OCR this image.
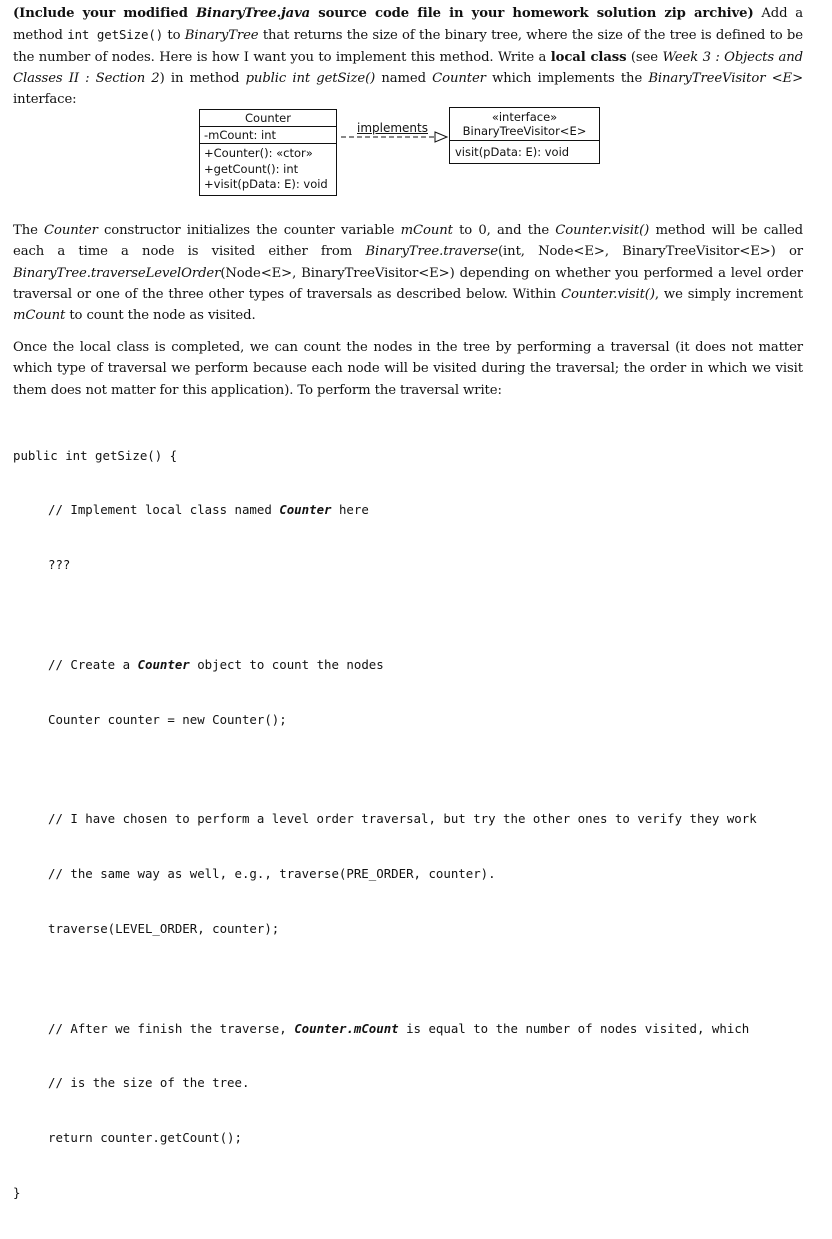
(Include your modified BinaryTree.java source code file in your homework solution zip archive) Add a method int getSize() to BinaryTree that returns the size of the binary tree, where the size of the tree is defined to be the number of nodes. Here is how I want you to implement this method. Write a local class (see Week 3 : Objects and Classes II : Section 2) in method public int getSize() named Counter which implements the BinaryTreeVisitor <E> interface:
Counter
-mCount: int
+Counter(): «ctor»
+getCount(): int
+visit(pData: E): void
implements
«interface»
BinaryTreeVisitor<E>
visit(pData: E): void
The Counter constructor initializes the counter variable mCount to 0, and the Counter.visit() method will be called each a time a node is visited either from BinaryTree.traverse(int, Node<E>, BinaryTreeVisitor<E>) or BinaryTree.traverseLevelOrder(Node<E>, BinaryTreeVisitor<E>) depending on whether you performed a level order traversal or one of the three other types of traversals as described below. Within Counter.visit(), we simply increment mCount to count the node as visited.
Once the local class is completed, we can count the nodes in the tree by performing a traversal (it does not matter which type of traversal we perform because each node will be visited during the traversal; the order in which we visit them does not matter for this application). To perform the traversal write:

public int getSize() {

// Implement local class named Counter here

???

// Create a Counter object to count the nodes

Counter counter = new Counter();

// I have chosen to perform a level order traversal, but try the other ones to verify they work

// the same way as well, e.g., traverse(PRE_ORDER, counter).

traverse(LEVEL_ORDER, counter);

// After we finish the traverse, Counter.mCount is equal to the number of nodes visited, which

// is the size of the tree.

return counter.getCount();

}
